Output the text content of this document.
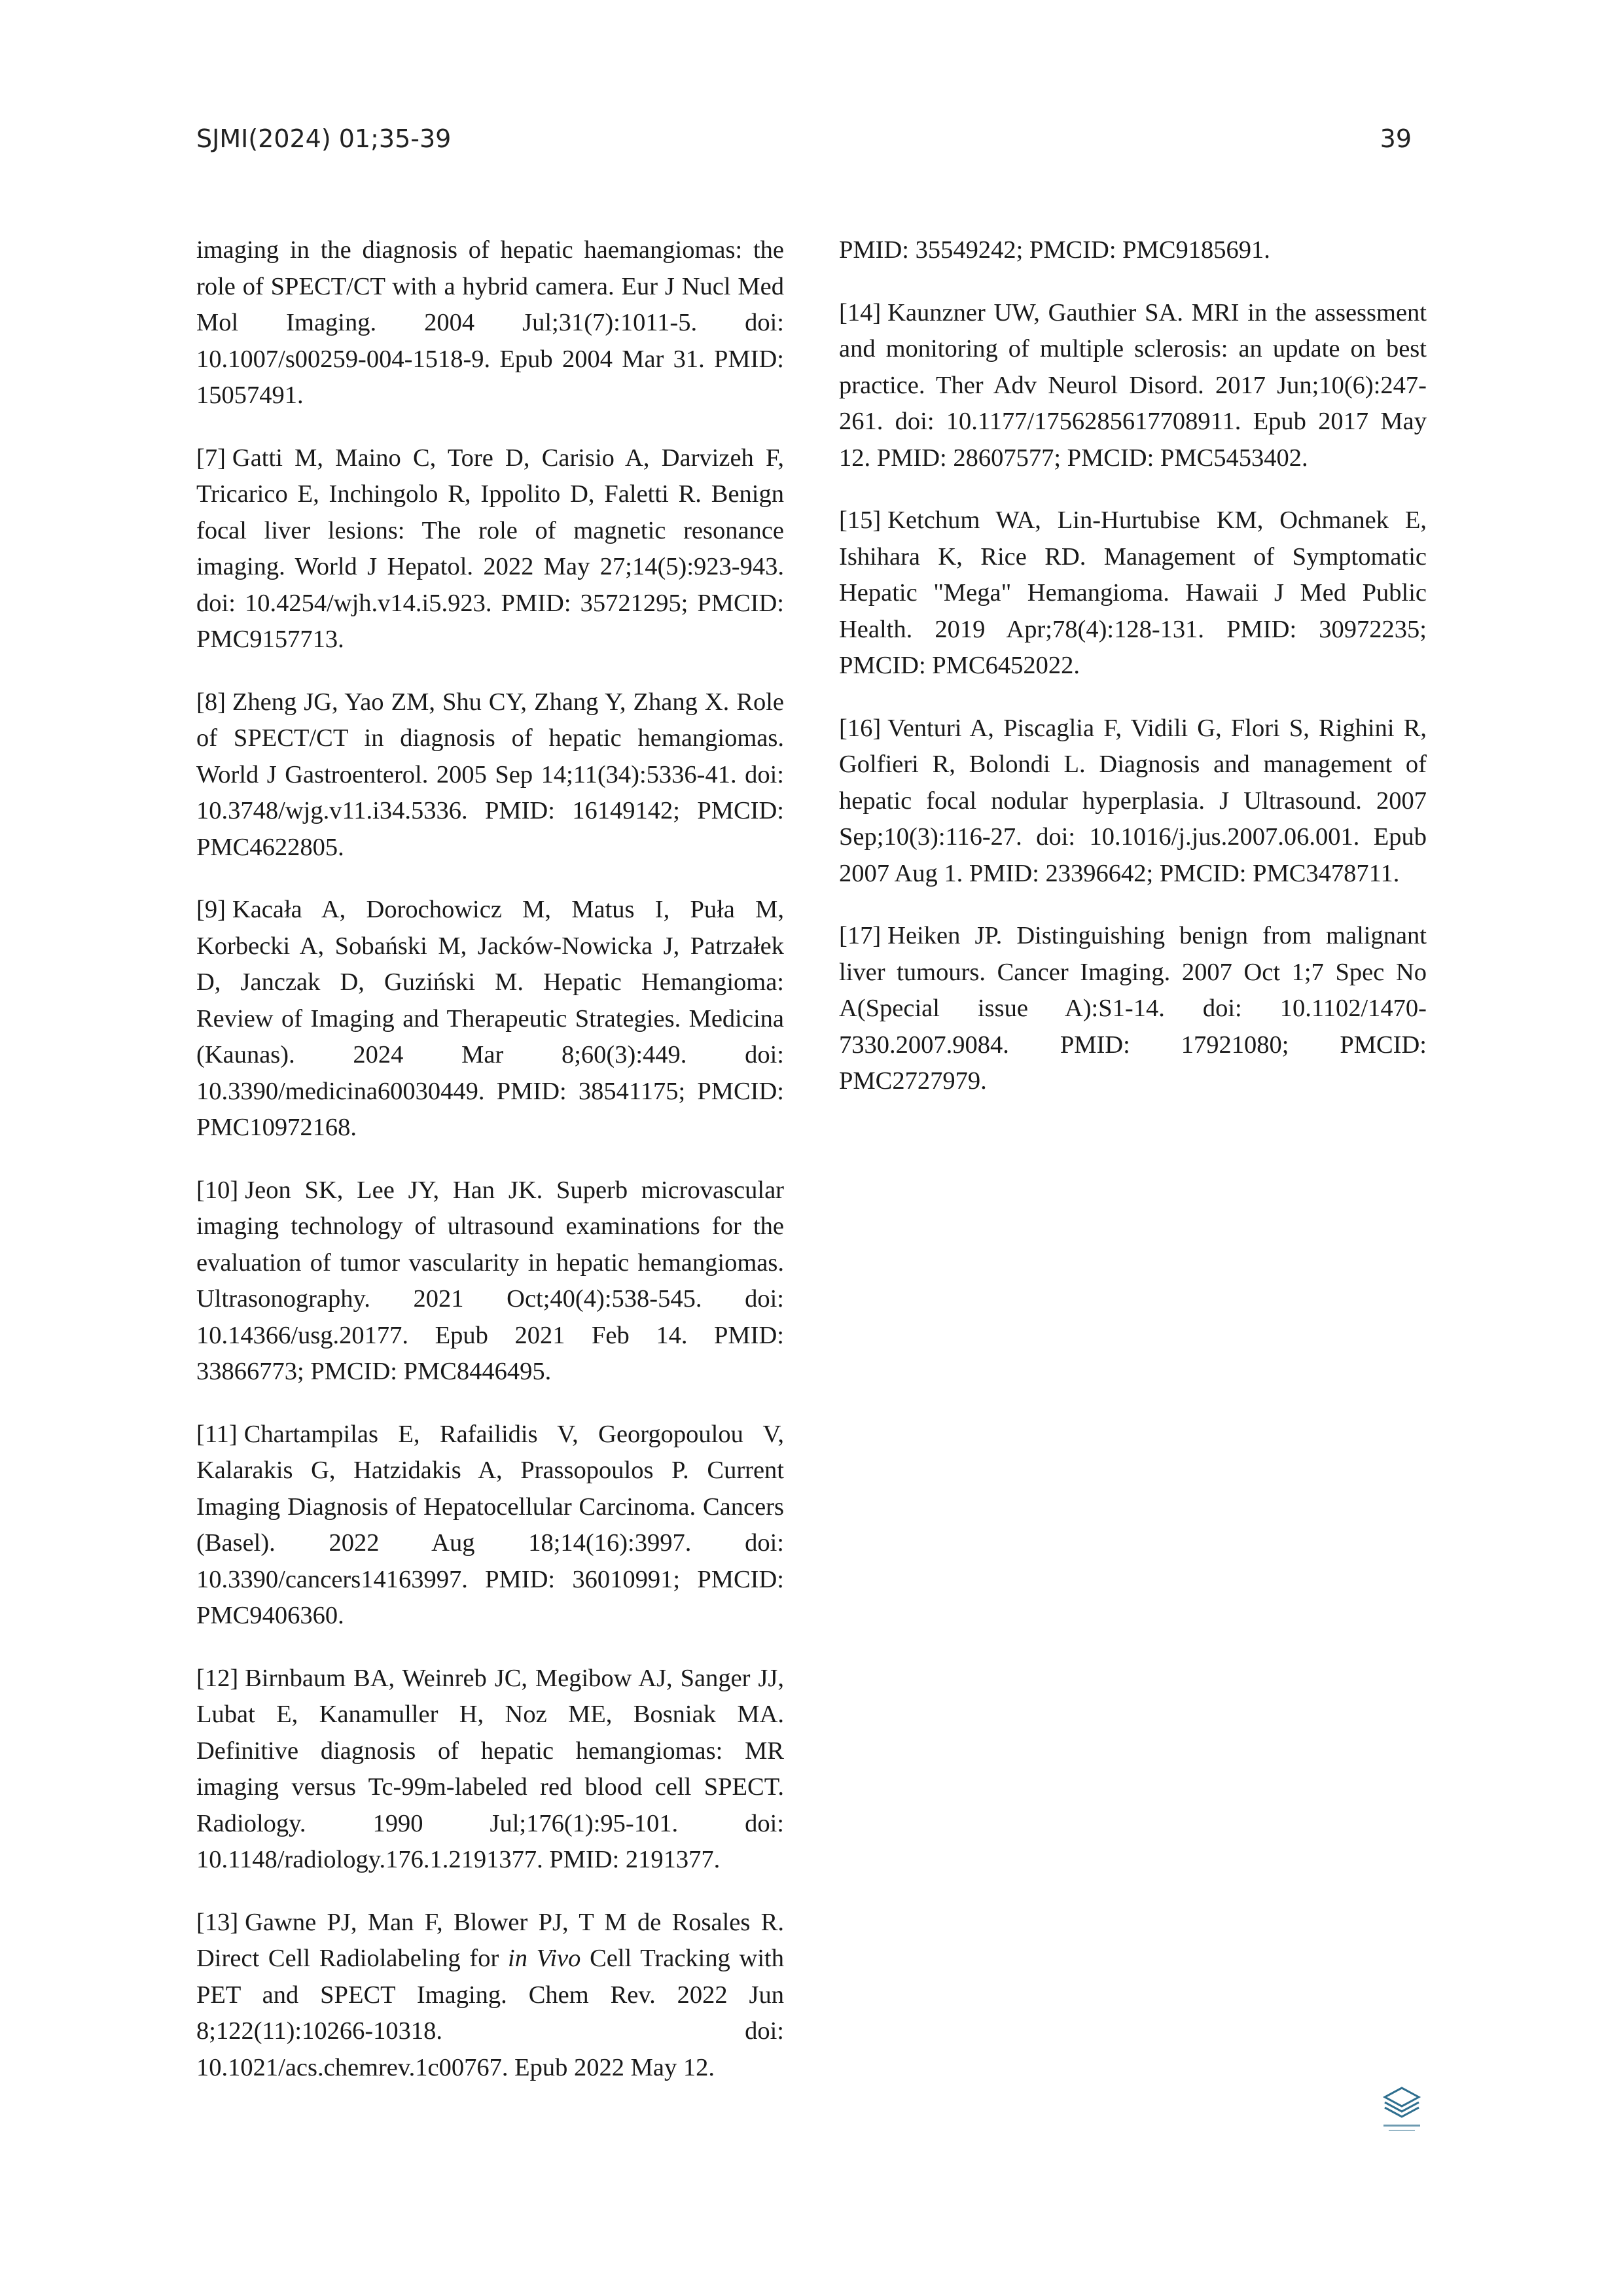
SJMI(2024) 01;35-39	39

imaging in the diagnosis of hepatic haemangiomas: the role of SPECT/CT with a hybrid camera. Eur J Nucl Med Mol Imaging. 2004 Jul;31(7):1011-5. doi: 10.1007/s00259-004-1518-9. Epub 2004 Mar 31. PMID: 15057491.

[7] Gatti M, Maino C, Tore D, Carisio A, Darvizeh F, Tricarico E, Inchingolo R, Ippolito D, Faletti R. Benign focal liver lesions: The role of magnetic resonance imaging. World J Hepatol. 2022 May 27;14(5):923-943. doi: 10.4254/wjh.v14.i5.923. PMID: 35721295; PMCID: PMC9157713.

[8] Zheng JG, Yao ZM, Shu CY, Zhang Y, Zhang X. Role of SPECT/CT in diagnosis of hepatic hemangiomas. World J Gastroenterol. 2005 Sep 14;11(34):5336-41. doi: 10.3748/wjg.v11.i34.5336. PMID: 16149142; PMCID: PMC4622805.

[9] Kacała A, Dorochowicz M, Matus I, Puła M, Korbecki A, Sobański M, Jacków-Nowicka J, Patrzałek D, Janczak D, Guziński M. Hepatic Hemangioma: Review of Imaging and Therapeutic Strategies. Medicina (Kaunas). 2024 Mar 8;60(3):449. doi: 10.3390/medicina60030449. PMID: 38541175; PMCID: PMC10972168.

[10] Jeon SK, Lee JY, Han JK. Superb microvascular imaging technology of ultrasound examinations for the evaluation of tumor vascularity in hepatic hemangiomas. Ultrasonography. 2021 Oct;40(4):538-545. doi: 10.14366/usg.20177. Epub 2021 Feb 14. PMID: 33866773; PMCID: PMC8446495.

[11] Chartampilas E, Rafailidis V, Georgopoulou V, Kalarakis G, Hatzidakis A, Prassopoulos P. Current Imaging Diagnosis of Hepatocellular Carcinoma. Cancers (Basel). 2022 Aug 18;14(16):3997. doi: 10.3390/cancers14163997. PMID: 36010991; PMCID: PMC9406360.

[12] Birnbaum BA, Weinreb JC, Megibow AJ, Sanger JJ, Lubat E, Kanamuller H, Noz ME, Bosniak MA. Definitive diagnosis of hepatic hemangiomas: MR imaging versus Tc-99m-labeled red blood cell SPECT. Radiology. 1990 Jul;176(1):95-101. doi: 10.1148/radiology.176.1.2191377. PMID: 2191377.

[13] Gawne PJ, Man F, Blower PJ, T M de Rosales R. Direct Cell Radiolabeling for in Vivo Cell Tracking with PET and SPECT Imaging. Chem Rev. 2022 Jun 8;122(11):10266-10318. doi: 10.1021/acs.chemrev.1c00767. Epub 2022 May 12.

PMID: 35549242; PMCID: PMC9185691.

[14] Kaunzner UW, Gauthier SA. MRI in the assessment and monitoring of multiple sclerosis: an update on best practice. Ther Adv Neurol Disord. 2017 Jun;10(6):247-261. doi: 10.1177/1756285617708911. Epub 2017 May 12. PMID: 28607577; PMCID: PMC5453402.

[15] Ketchum WA, Lin-Hurtubise KM, Ochmanek E, Ishihara K, Rice RD. Management of Symptomatic Hepatic "Mega" Hemangioma. Hawaii J Med Public Health. 2019 Apr;78(4):128-131. PMID: 30972235; PMCID: PMC6452022.

[16] Venturi A, Piscaglia F, Vidili G, Flori S, Righini R, Golfieri R, Bolondi L. Diagnosis and management of hepatic focal nodular hyperplasia. J Ultrasound. 2007 Sep;10(3):116-27. doi: 10.1016/j.jus.2007.06.001. Epub 2007 Aug 1. PMID: 23396642; PMCID: PMC3478711.

[17] Heiken JP. Distinguishing benign from malignant liver tumours. Cancer Imaging. 2007 Oct 1;7 Spec No A(Special issue A):S1-14. doi: 10.1102/1470-7330.2007.9084. PMID: 17921080; PMCID: PMC2727979.
